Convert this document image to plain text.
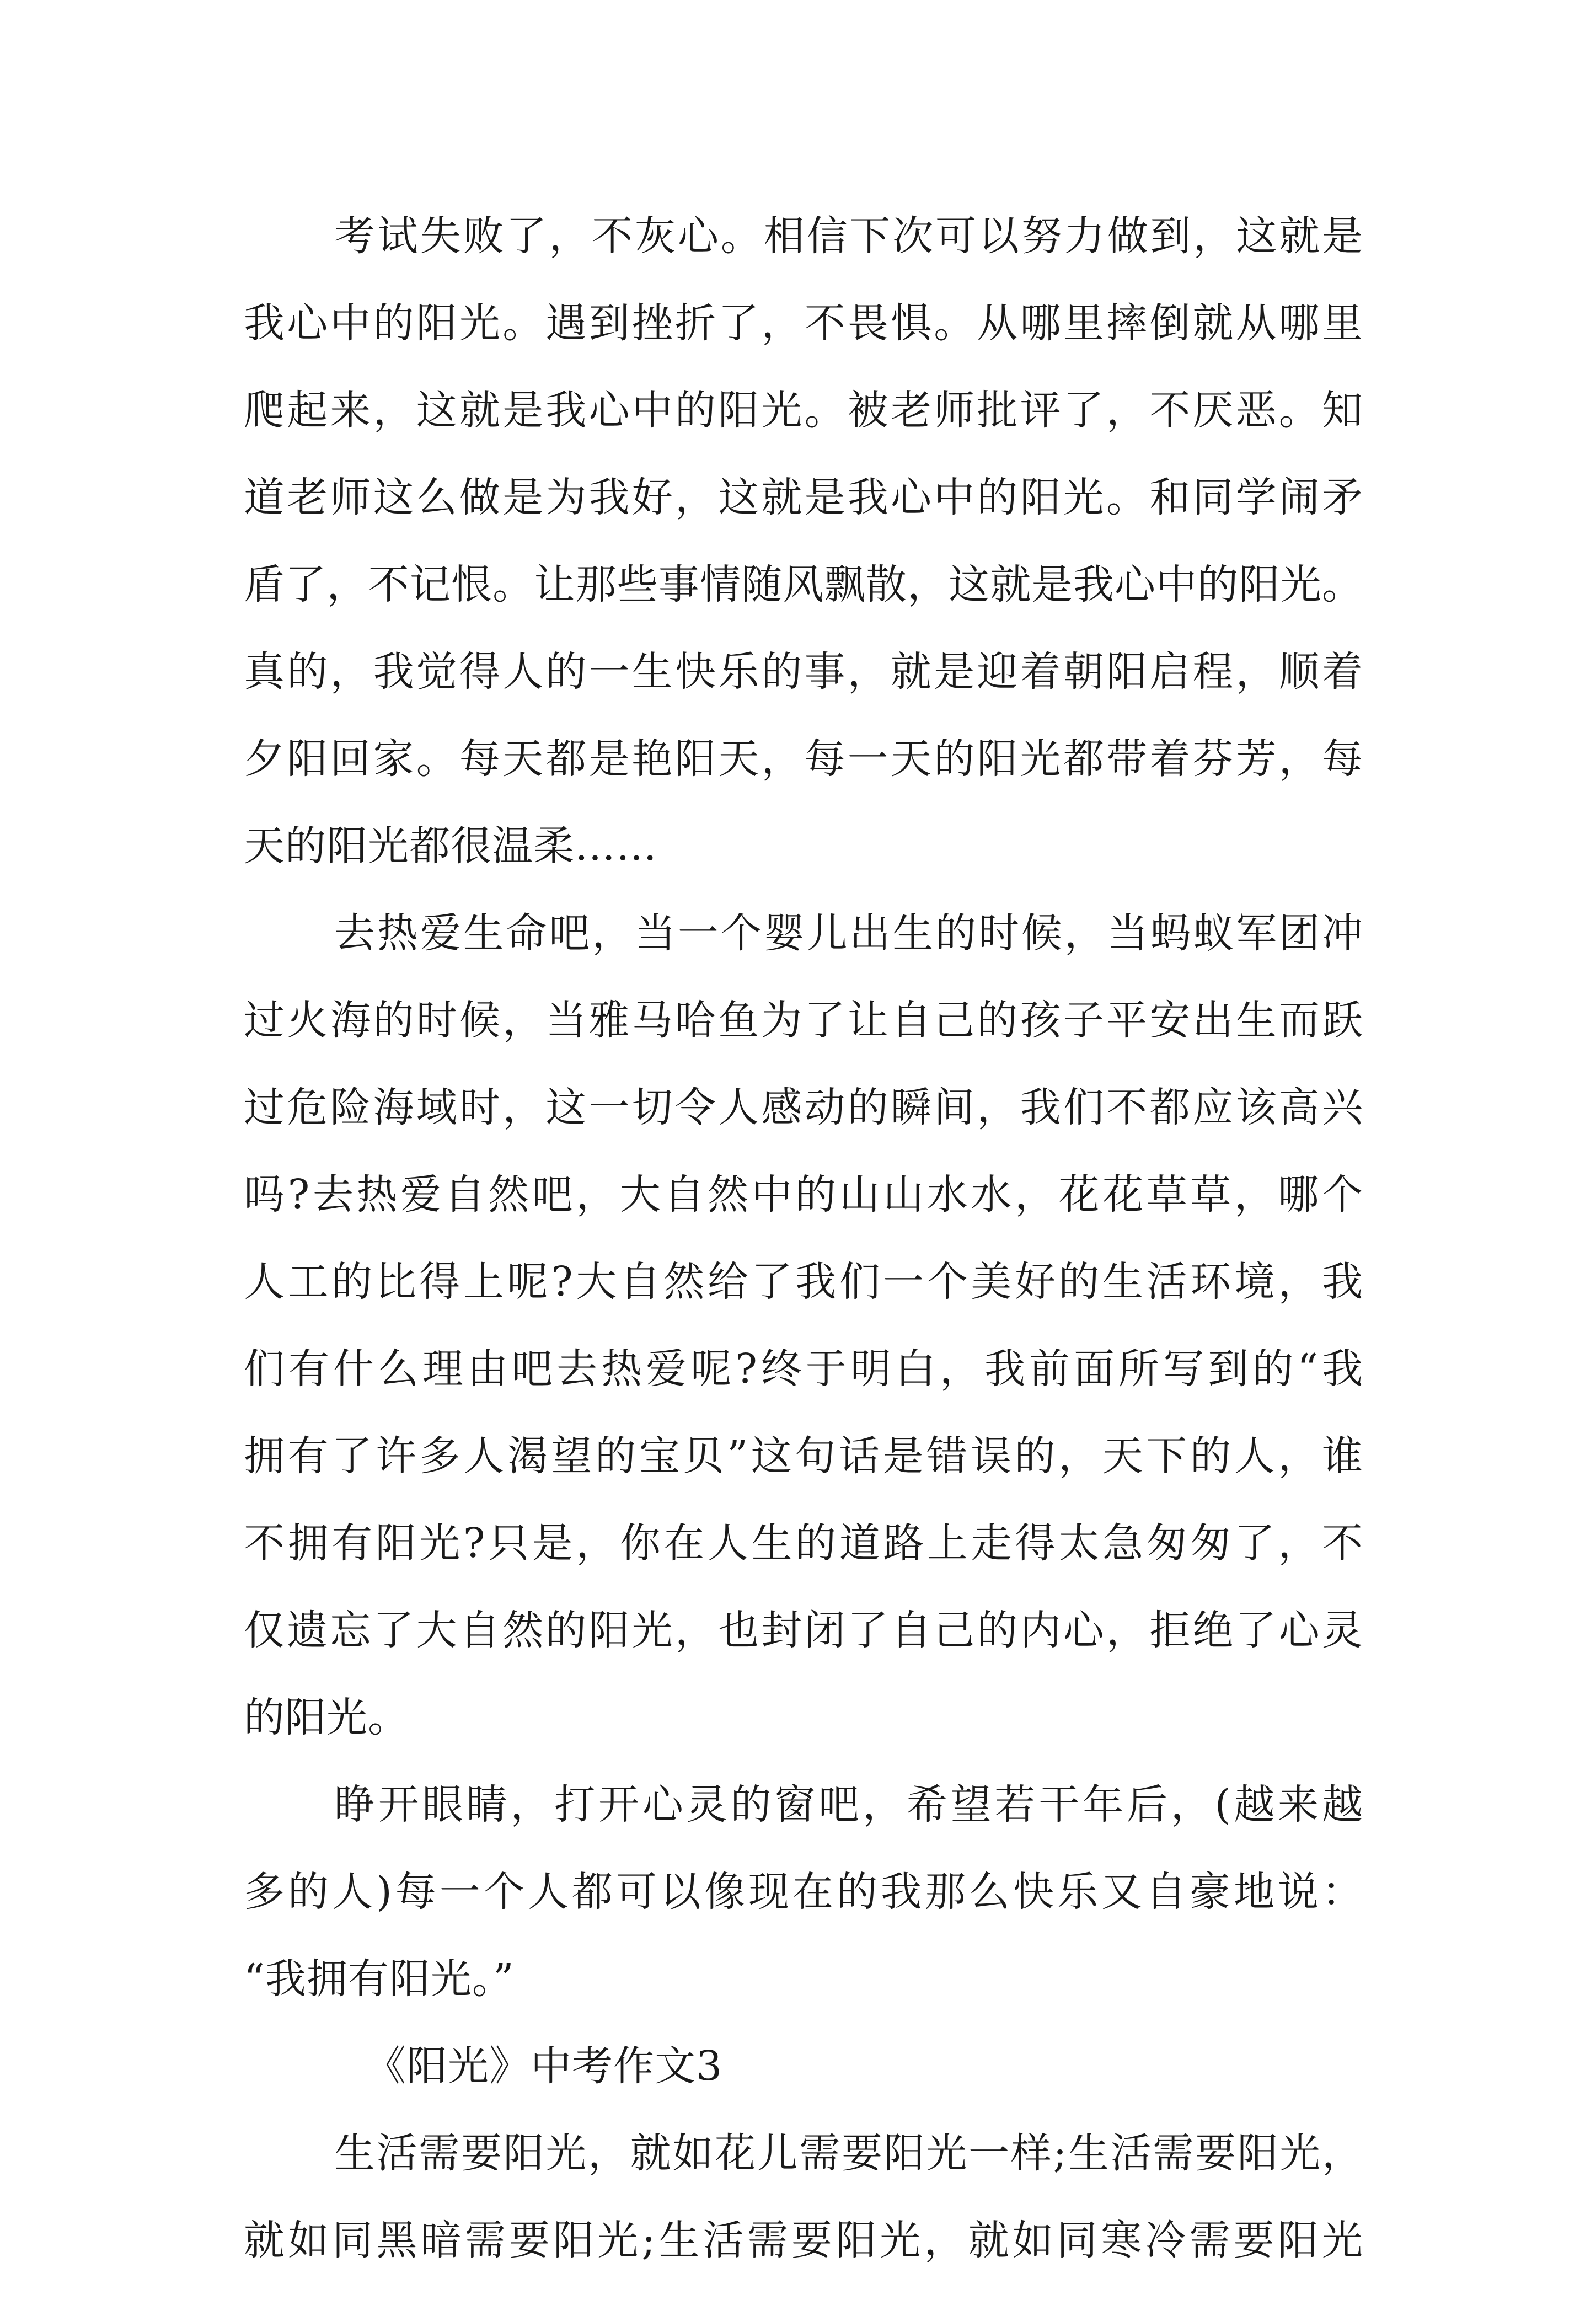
考试失败了，不灰心。相信下次可以努力做到，这就是
我心中的阳光。遇到挫折了，不畏惧。从哪里摔倒就从哪里
爬起来，这就是我心中的阳光。被老师批评了，不厌恶。知
道老师这么做是为我好，这就是我心中的阳光。和同学闹矛
盾了，不记恨。让那些事情随风飘散，这就是我心中的阳光。
真的，我觉得人的一生快乐的事，就是迎着朝阳启程，顺着
夕阳回家。每天都是艳阳天，每一天的阳光都带着芬芳，每
天的阳光都很温柔……
去热爱生命吧，当一个婴儿出生的时候，当蚂蚁军团冲
过火海的时候，当雅马哈鱼为了让自己的孩子平安出生而跃
过危险海域时，这一切令人感动的瞬间，我们不都应该高兴
吗?去热爱自然吧，大自然中的山山水水，花花草草，哪个
人工的比得上呢?大自然给了我们一个美好的生活环境，我
们有什么理由吧去热爱呢?终于明白，我前面所写到的“我
拥有了许多人渴望的宝贝”这句话是错误的，天下的人，谁
不拥有阳光?只是，你在人生的道路上走得太急匆匆了，不
仅遗忘了大自然的阳光，也封闭了自己的内心，拒绝了心灵
的阳光。
睁开眼睛，打开心灵的窗吧，希望若干年后，(越来越
多的人)每一个人都可以像现在的我那么快乐又自豪地说：
“我拥有阳光。”
《阳光》中考作文3
生活需要阳光，就如花儿需要阳光一样;生活需要阳光，
就如同黑暗需要阳光;生活需要阳光，就如同寒冷需要阳光
